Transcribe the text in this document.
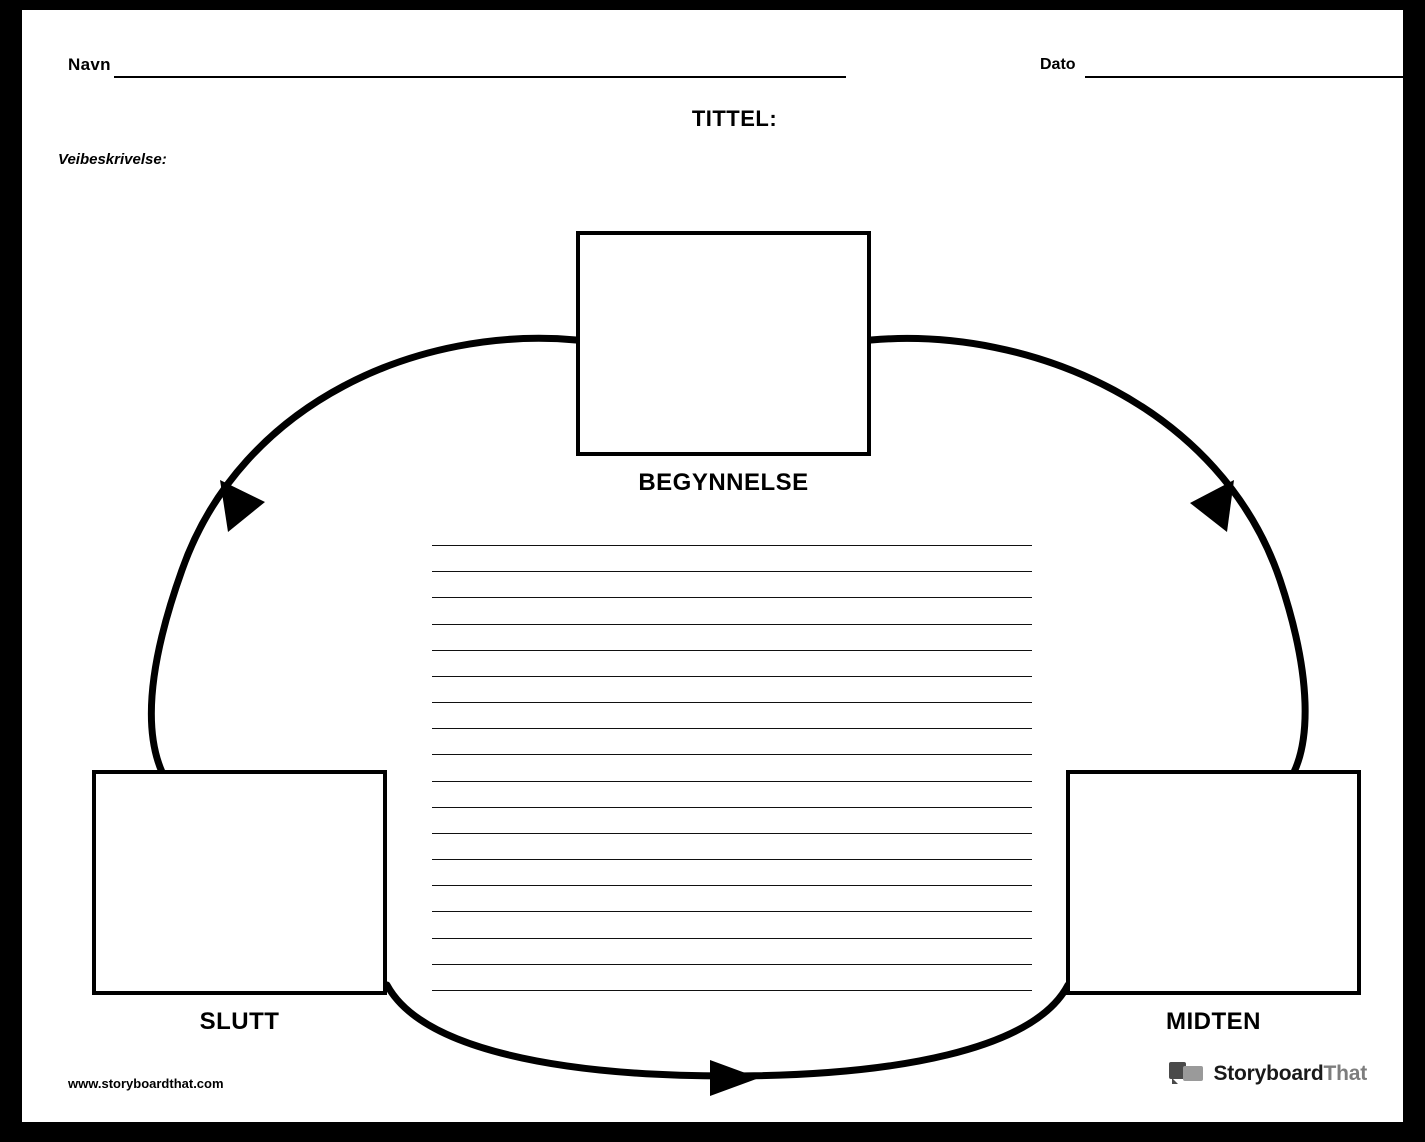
Navn	Dato
TITTEL:
Veibeskrivelse:
BEGYNNELSE
SLUTT	MIDTEN
www.storyboardthat.com	StoryboardThat
